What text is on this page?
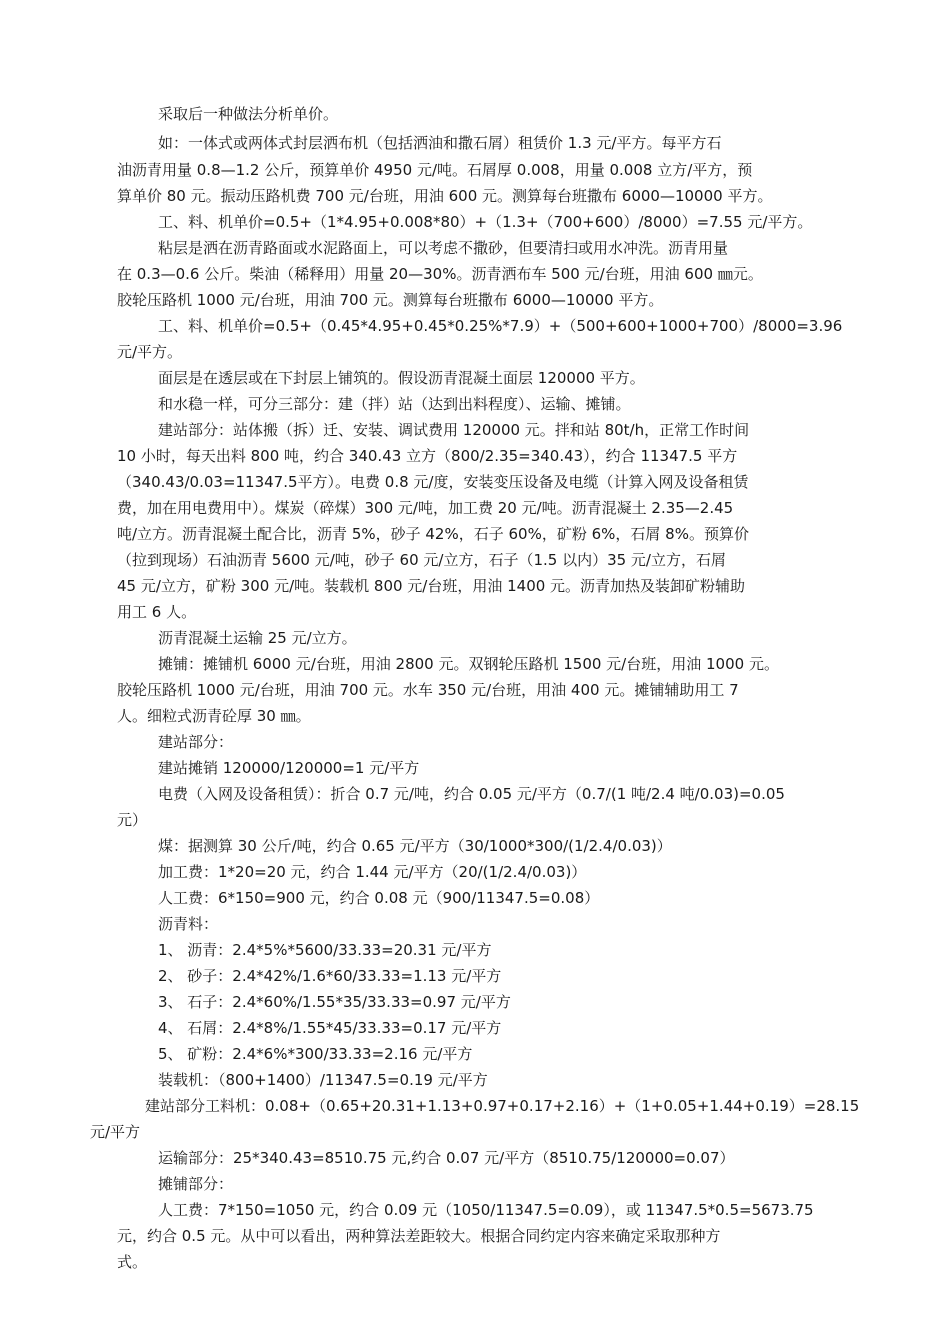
采取后一种做法分析单价。
如：一体式或两体式封层洒布机（包括洒油和撒石屑）租赁价 1.3 元/平方。每平方石
油沥青用量 0.8—1.2 公斤，预算单价 4950 元/吨。石屑厚 0.008，用量 0.008 立方/平方，预
算单价 80 元。振动压路机费 700 元/台班，用油 600 元。测算每台班撒布 6000—10000 平方。
工、料、机单价=0.5+（1*4.95+0.008*80）+（1.3+（700+600）/8000）=7.55 元/平方。
粘层是洒在沥青路面或水泥路面上，可以考虑不撒砂，但要清扫或用水冲洗。沥青用量
在 0.3—0.6 公斤。柴油（稀释用）用量 20—30%。沥青洒布车 500 元/台班，用油 600 ㎜元。
胶轮压路机 1000 元/台班，用油 700 元。测算每台班撒布 6000—10000 平方。
工、料、机单价=0.5+（0.45*4.95+0.45*0.25%*7.9）+（500+600+1000+700）/8000=3.96
元/平方。
面层是在透层或在下封层上铺筑的。假设沥青混凝土面层 120000 平方。
和水稳一样，可分三部分：建（拌）站（达到出料程度）、运输、摊铺。
建站部分：站体搬（拆）迁、安装、调试费用 120000 元。拌和站 80t/h，正常工作时间
10 小时，每天出料 800 吨，约合 340.43 立方（800/2.35=340.43），约合 11347.5 平方
（340.43/0.03=11347.5平方）。电费 0.8 元/度，安装变压设备及电缆（计算入网及设备租赁
费，加在用电费用中）。煤炭（碎煤）300 元/吨，加工费 20 元/吨。沥青混凝土 2.35—2.45
吨/立方。沥青混凝土配合比，沥青 5%，砂子 42%，石子 60%，矿粉 6%，石屑 8%。预算价
（拉到现场）石油沥青 5600 元/吨，砂子 60 元/立方，石子（1.5 以内）35 元/立方，石屑
45 元/立方，矿粉 300 元/吨。装载机 800 元/台班，用油 1400 元。沥青加热及装卸矿粉辅助
用工 6 人。
沥青混凝土运输 25 元/立方。
摊铺：摊铺机 6000 元/台班，用油 2800 元。双钢轮压路机 1500 元/台班，用油 1000 元。
胶轮压路机 1000 元/台班，用油 700 元。水车 350 元/台班，用油 400 元。摊铺辅助用工 7
人。细粒式沥青砼厚 30 ㎜。
建站部分：
建站摊销 120000/120000=1 元/平方
电费（入网及设备租赁）：折合 0.7 元/吨，约合 0.05 元/平方（0.7/(1 吨/2.4 吨/0.03)=0.05
元）
煤：据测算 30 公斤/吨，约合 0.65 元/平方（30/1000*300/(1/2.4/0.03)）
加工费：1*20=20 元，约合 1.44 元/平方（20/(1/2.4/0.03)）
人工费：6*150=900 元，约合 0.08 元（900/11347.5=0.08）
沥青料：
1、 沥青：2.4*5%*5600/33.33=20.31 元/平方
2、 砂子：2.4*42%/1.6*60/33.33=1.13 元/平方
3、 石子：2.4*60%/1.55*35/33.33=0.97 元/平方
4、 石屑：2.4*8%/1.55*45/33.33=0.17 元/平方
5、 矿粉：2.4*6%*300/33.33=2.16 元/平方
装载机：（800+1400）/11347.5=0.19 元/平方
建站部分工料机：0.08+（0.65+20.31+1.13+0.97+0.17+2.16）+（1+0.05+1.44+0.19）=28.15
元/平方
运输部分：25*340.43=8510.75 元,约合 0.07 元/平方（8510.75/120000=0.07）
摊铺部分：
人工费：7*150=1050 元，约合 0.09 元（1050/11347.5=0.09），或 11347.5*0.5=5673.75
元，约合 0.5 元。从中可以看出，两种算法差距较大。根据合同约定内容来确定采取那种方
式。
